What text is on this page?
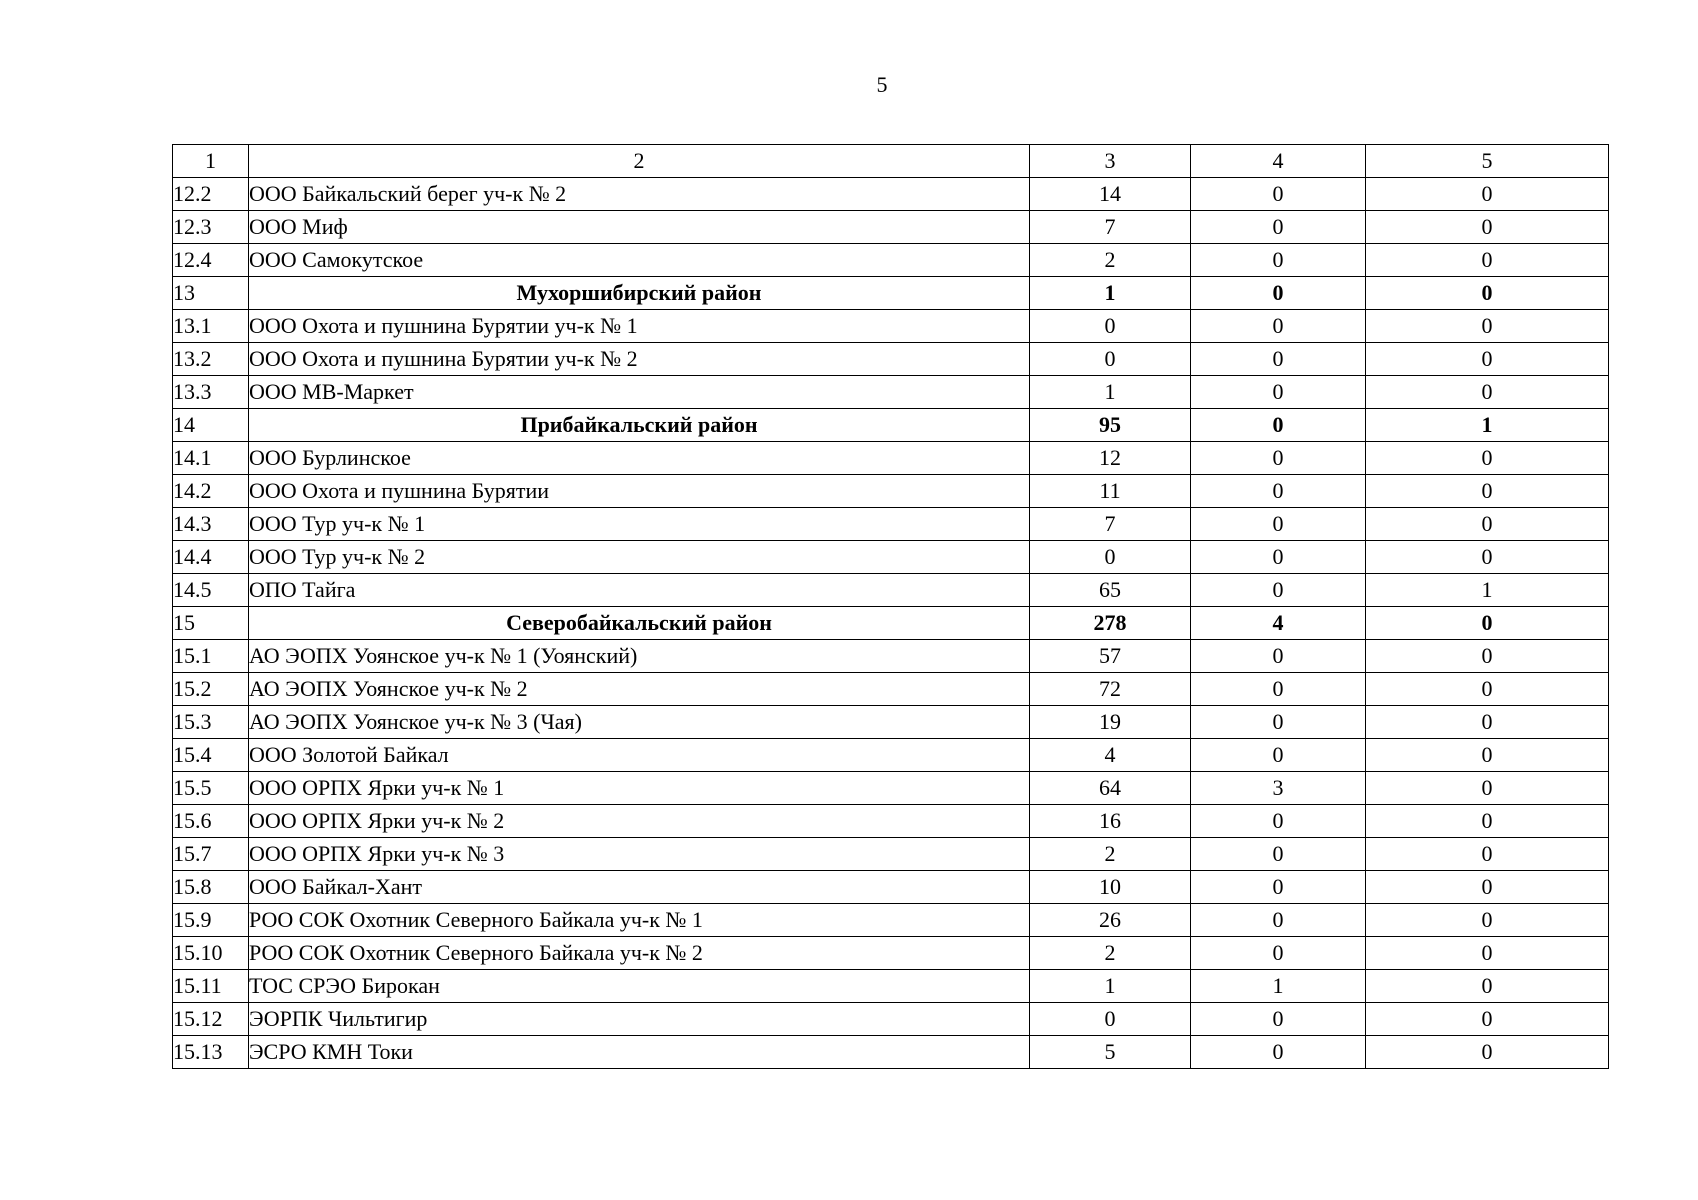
5
1	2	3	4	5
12.2	ООО Байкальский берег уч-к № 2	14	0	0
12.3	ООО Миф	7	0	0
12.4	ООО Самокутское	2	0	0
13	Мухоршибирский район	1	0	0
13.1	ООО Охота и пушнина Бурятии уч-к № 1	0	0	0
13.2	ООО Охота и пушнина Бурятии уч-к № 2	0	0	0
13.3	ООО МВ-Маркет	1	0	0
14	Прибайкальский район	95	0	1
14.1	ООО Бурлинское	12	0	0
14.2	ООО Охота и пушнина Бурятии	11	0	0
14.3	ООО Тур уч-к № 1	7	0	0
14.4	ООО Тур уч-к № 2	0	0	0
14.5	ОПО Тайга	65	0	1
15	Северобайкальский район	278	4	0
15.1	АО ЭОПХ Уоянское уч-к № 1 (Уоянский)	57	0	0
15.2	АО ЭОПХ Уоянское уч-к № 2	72	0	0
15.3	АО ЭОПХ Уоянское уч-к № 3 (Чая)	19	0	0
15.4	ООО Золотой Байкал	4	0	0
15.5	ООО ОРПХ Ярки уч-к № 1	64	3	0
15.6	ООО ОРПХ Ярки уч-к № 2	16	0	0
15.7	ООО ОРПХ Ярки уч-к № 3	2	0	0
15.8	ООО Байкал-Хант	10	0	0
15.9	РОО СОК Охотник Северного Байкала уч-к № 1	26	0	0
15.10	РОО СОК Охотник Северного Байкала уч-к № 2	2	0	0
15.11	ТОС СРЭО Бирокан	1	1	0
15.12	ЭОРПК Чильтигир	0	0	0
15.13	ЭСРО КМН Токи	5	0	0
